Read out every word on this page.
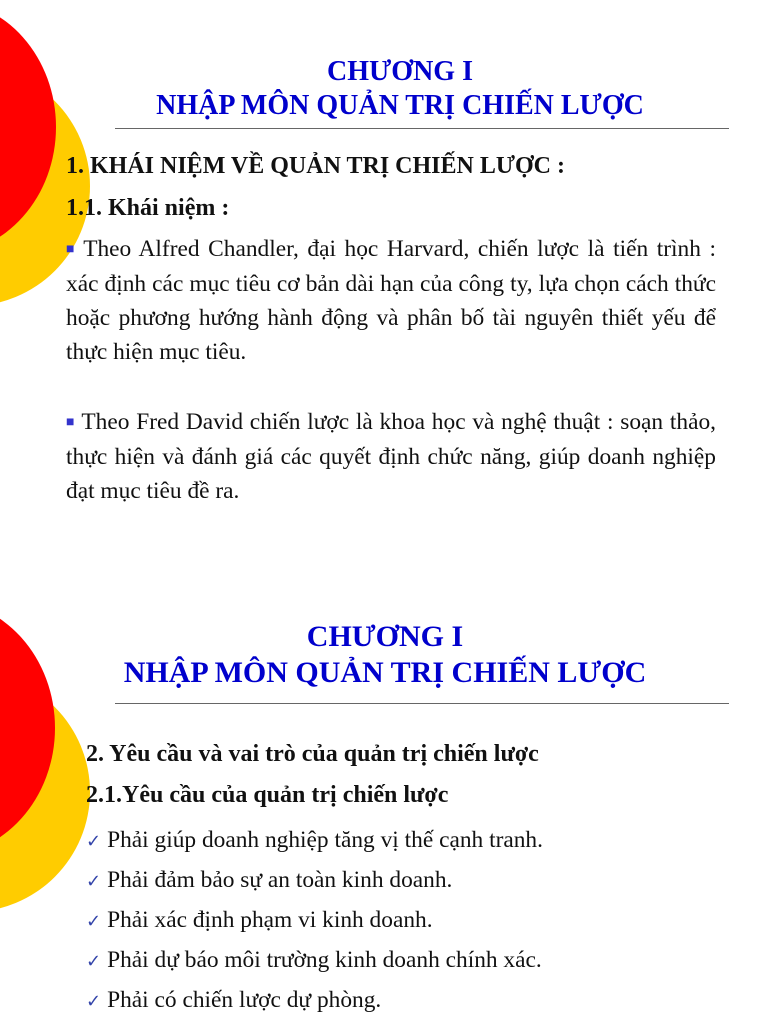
CHƯƠNG I
NHẬP MÔN QUẢN TRỊ CHIẾN LƯỢC
1. KHÁI NIỆM VỀ QUẢN TRỊ CHIẾN LƯỢC :
1.1. Khái niệm :
■ Theo Alfred Chandler, đại học Harvard, chiến lược là tiến trình : xác định các mục tiêu cơ bản dài hạn của công ty, lựa chọn cách thức hoặc phương hướng hành động và phân bố tài nguyên thiết yếu để thực hiện mục tiêu.
■ Theo Fred David chiến lược là khoa học và nghệ thuật : soạn thảo, thực hiện và đánh giá các quyết định chức năng, giúp doanh nghiệp đạt mục tiêu đề ra.
CHƯƠNG I
NHẬP MÔN QUẢN TRỊ CHIẾN LƯỢC
2. Yêu cầu và vai trò của quản trị chiến lược
2.1.Yêu cầu của quản trị chiến lược
✓ Phải giúp doanh nghiệp tăng vị thế cạnh tranh.
✓ Phải đảm bảo sự an toàn kinh doanh.
✓ Phải xác định phạm vi kinh doanh.
✓ Phải dự báo môi trường kinh doanh chính xác.
✓ Phải có chiến lược dự phòng.
